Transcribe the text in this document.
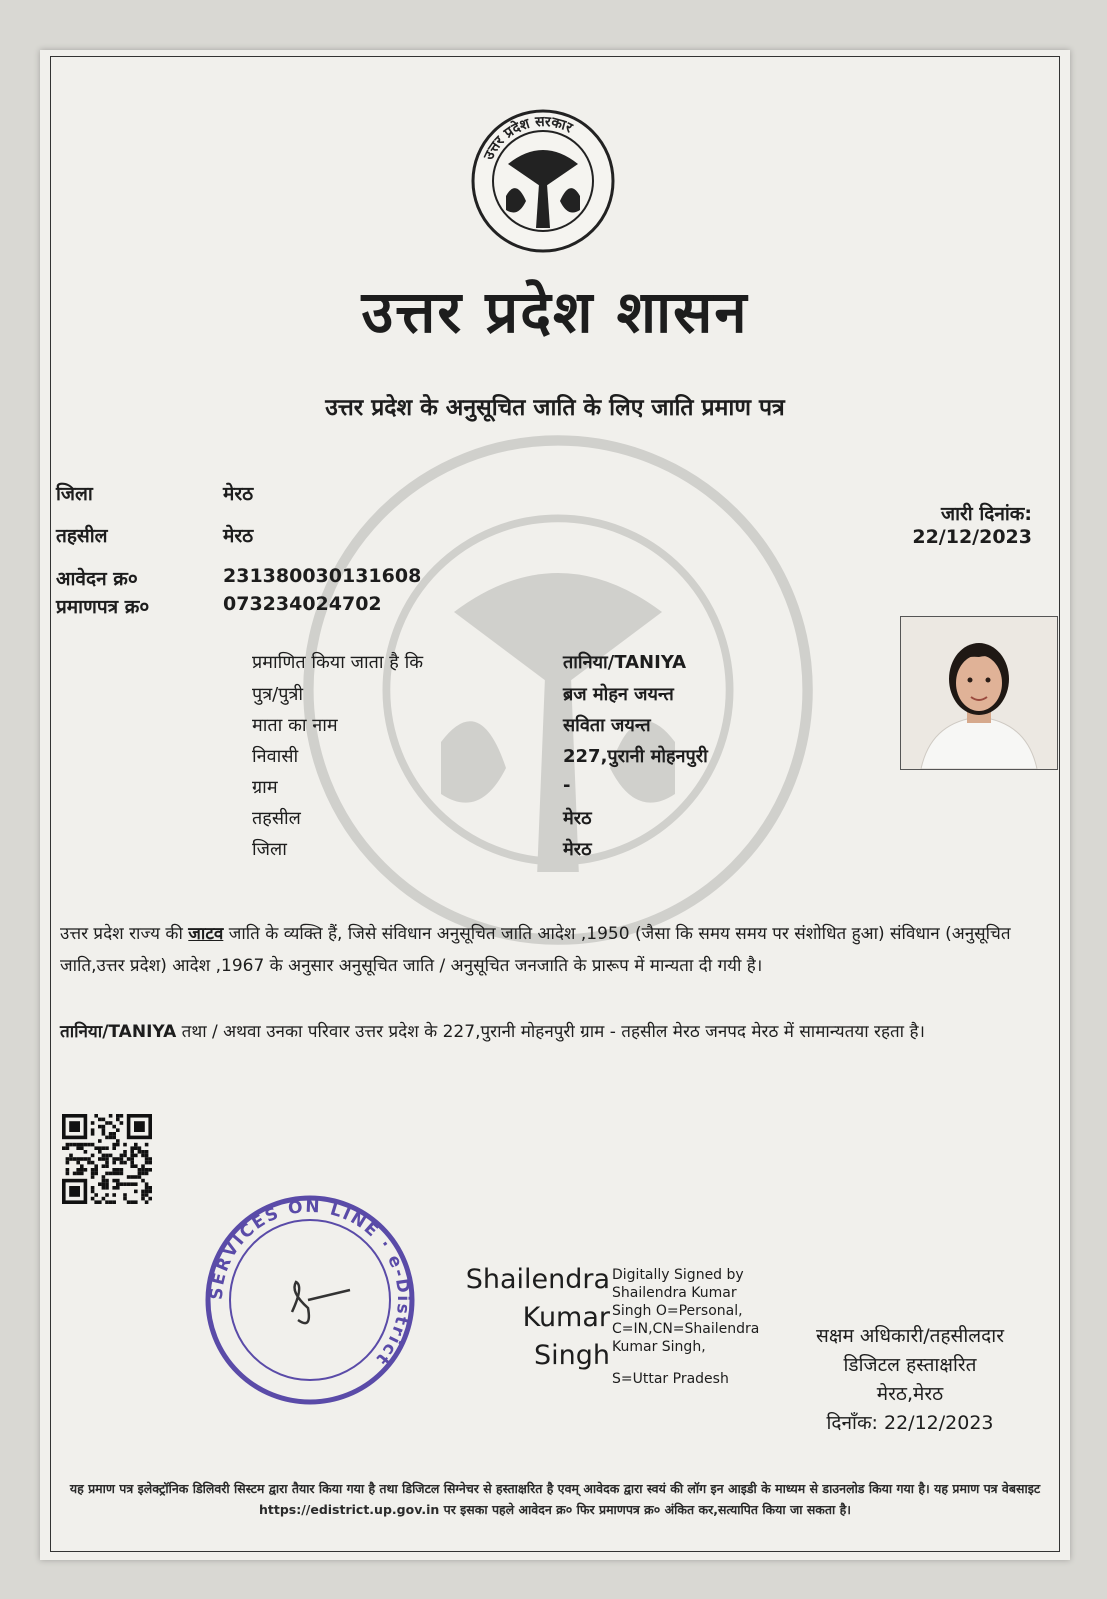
उत्तर प्रदेश सरकार
उत्तर प्रदेश शासन
उत्तर प्रदेश के अनुसूचित जाति के लिए जाति प्रमाण पत्र
जिला	मेरठ
तहसील	मेरठ
आवेदन क्र०	231380030131608
प्रमाणपत्र क्र०	073234024702
जारी दिनांक:
22/12/2023
प्रमाणित किया जाता है कि	तानिया/TANIYA
पुत्र/पुत्री	ब्रज मोहन जयन्त
माता का नाम	सविता जयन्त
निवासी	227,पुरानी मोहनपुरी
ग्राम	-
तहसील	मेरठ
जिला	मेरठ
उत्तर प्रदेश राज्य की जाटव जाति के व्यक्ति हैं, जिसे संविधान अनुसूचित जाति आदेश ,1950 (जैसा कि समय समय पर संशोधित हुआ) संविधान (अनुसूचित जाति,उत्तर प्रदेश) आदेश ,1967 के अनुसार अनुसूचित जाति / अनुसूचित जनजाति के प्रारूप में मान्यता दी गयी है।
तानिया/TANIYA तथा / अथवा उनका परिवार उत्तर प्रदेश के 227,पुरानी मोहनपुरी ग्राम - तहसील मेरठ जनपद मेरठ में सामान्यतया रहता है।
SERVICES ON LINE · e-District
Shailendra
Kumar
Singh
Digitally Signed by
Shailendra Kumar
Singh O=Personal,
C=IN,CN=Shailendra
Kumar Singh,
S=Uttar Pradesh
सक्षम अधिकारी/तहसीलदार
डिजिटल हस्ताक्षरित
मेरठ,मेरठ
दिनाँक: 22/12/2023
यह प्रमाण पत्र इलेक्ट्रॉनिक डिलिवरी सिस्टम द्वारा तैयार किया गया है तथा डिजिटल सिग्नेचर से हस्ताक्षरित है एवम् आवेदक द्वारा स्वयं की लॉग इन आइडी के माध्यम से डाउनलोड किया गया है। यह प्रमाण पत्र वेबसाइट https://edistrict.up.gov.in पर इसका पहले आवेदन क्र० फिर प्रमाणपत्र क्र० अंकित कर,सत्यापित किया जा सकता है।
